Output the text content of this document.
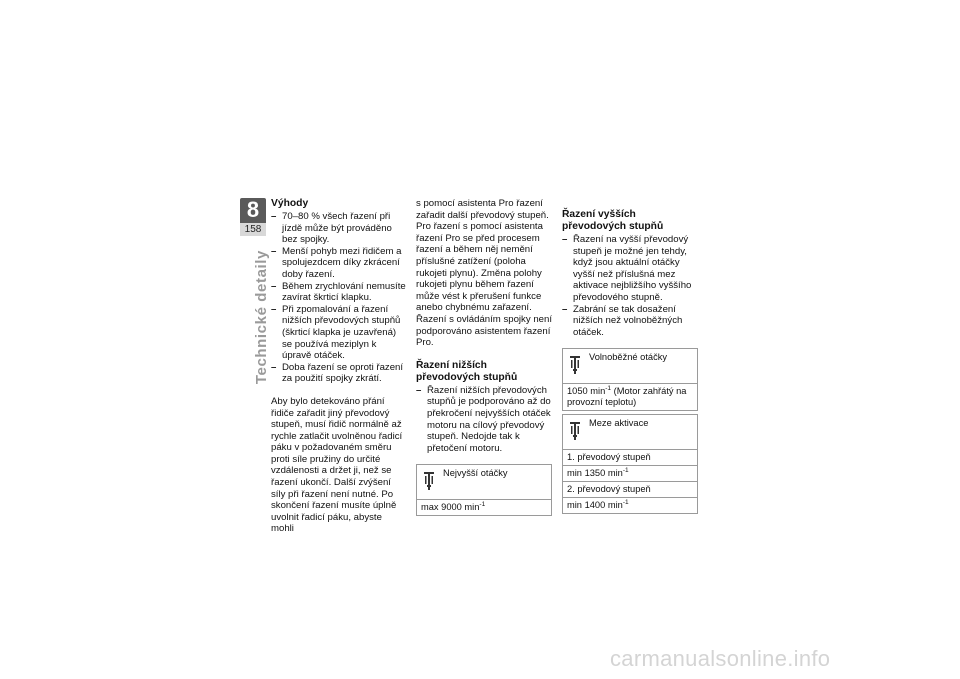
8
158
Technické detaily
Výhody
– 70–80 % všech řazení při jízdě může být prováděno bez spojky.
– Menší pohyb mezi řidičem a spolujezdcem díky zkrácení doby řazení.
– Během zrychlování nemusíte zavírat škrticí klapku.
– Při zpomalování a řazení nižších převodových stupňů (škrticí klapka je uzavřená) se používá meziplyn k úpravě otáček.
– Doba řazení se oproti řazení za použití spojky zkrátí.

Aby bylo detekováno přání řidiče zařadit jiný převodový stupeň, musí řidič normálně až rychle zatlačit uvolněnou řadicí páku v požadovaném směru proti síle pružiny do určité vzdálenosti a držet ji, než se řazení ukončí. Další zvýšení síly při řazení není nutné. Po skončení řazení musíte úplně uvolnit řadicí páku, abyste mohli

s pomocí asistenta Pro řazení zařadit další převodový stupeň. Pro řazení s pomocí asistenta řazení Pro se před procesem řazení a během něj nemění příslušné zatížení (poloha rukojeti plynu). Změna polohy rukojeti plynu během řazení může vést k přerušení funkce anebo chybnému zařazení. Řazení s ovládáním spojky není podporováno asistentem řazení Pro.

Řazení nižších převodových stupňů
– Řazení nižších převodových stupňů je podporováno až do překročení nejvyšších otáček motoru na cílový převodový stupeň. Nedojde tak k přetočení motoru.
Nejvyšší otáčky

max 9000 $\min^{-1}$
Řazení vyšších převodových stupňů
– Řazení na vyšší převodový stupeň je možné jen tehdy, když jsou aktuální otáčky vyšší než příslušná mez aktivace nejbližšího vyššího převodového stupně.
– Zabrání se tak dosažení nižších než volnoběžných otáček.
Volnoběžné otáčky

1050 $\min^{-1}$ (Motor zahřátý na provozní teplotu)
Meze aktivace

1. převodový stupeň
min 1350 $\min^{-1}$
2. převodový stupeň
min 1400 $\min^{-1}$
carmanualsonline.info
